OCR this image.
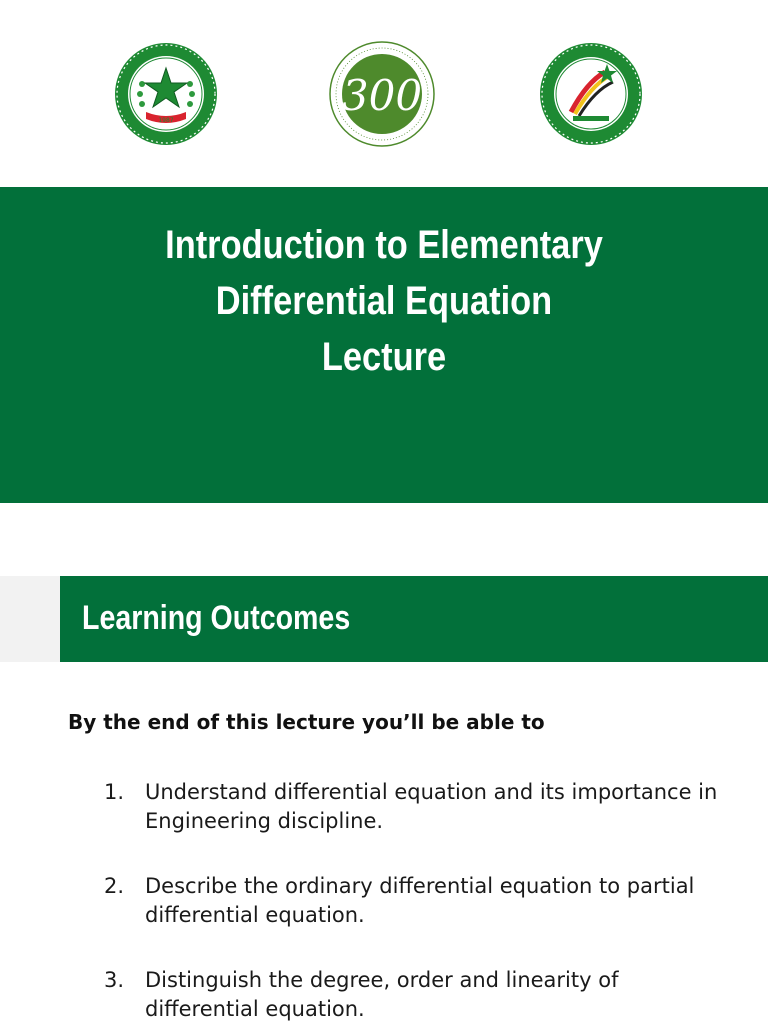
1987
300
Introduction to Elementary
Differential Equation
Lecture
Learning Outcomes

By the end of this lecture you’ll be able to

1. Understand differential equation and its importance in Engineering discipline.
2. Describe the ordinary differential equation to partial differential equation.
3. Distinguish the degree, order and linearity of differential equation.
